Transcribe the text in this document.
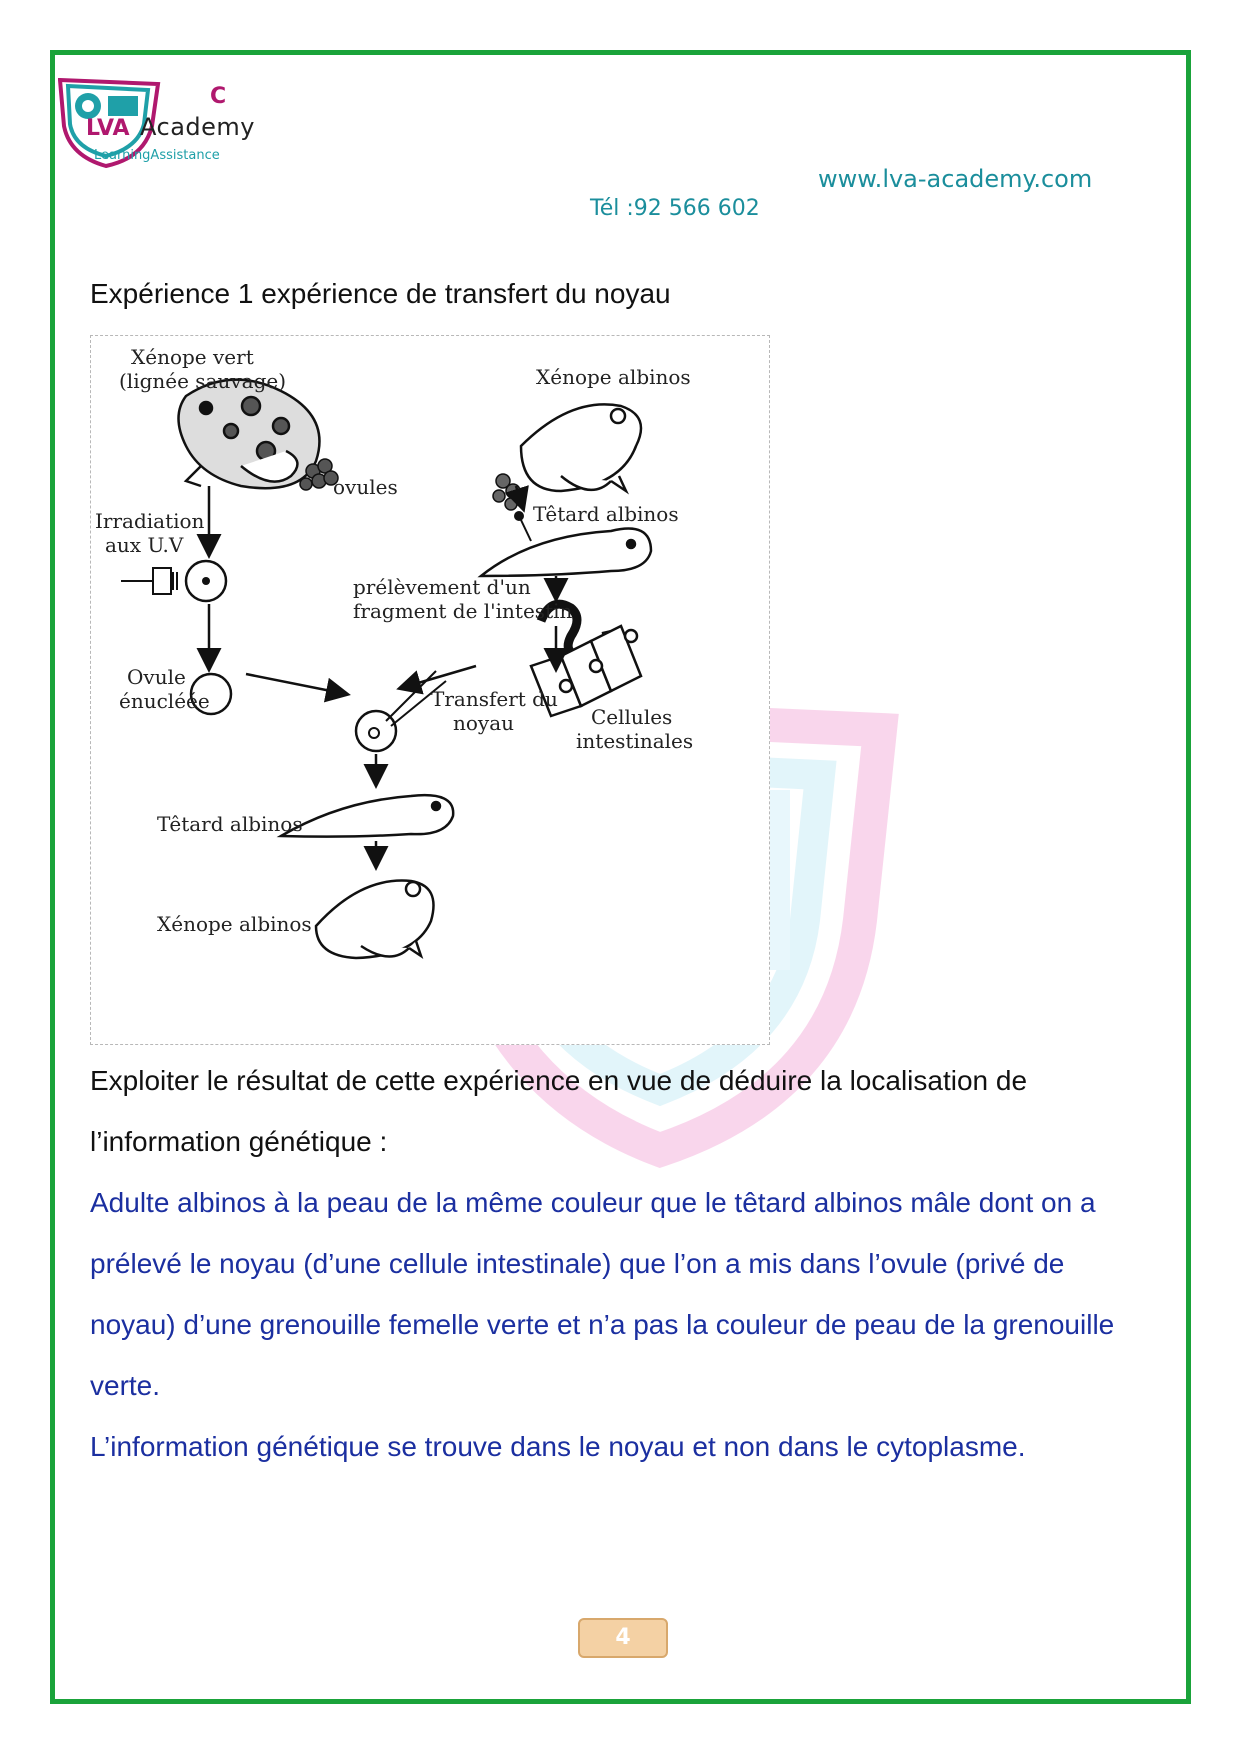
C
LVA Academy
LearningAssistance
www.lva-academy.com
Tél :92 566 602
Expérience 1 expérience de transfert du noyau
Xénope vert
(lignée sauvage)	Xénope albinos
ovules
Irradiation
aux U.V
Têtard albinos
prélèvement d'un
fragment de l'intestin
Ovule
énucléée	Transfert du
noyau	Cellules
intestinales
Têtard albinos
Xénope albinos

Exploiter le résultat de cette expérience en vue de déduire la localisation de l’information génétique :

Adulte albinos à la peau de la même couleur que le têtard albinos mâle dont on a prélevé le noyau (d’une cellule intestinale) que l’on a mis dans l’ovule (privé de noyau) d’une grenouille femelle verte et n’a pas la couleur de peau de la grenouille verte.

L’information génétique se trouve dans le noyau et non dans le cytoplasme.

4
